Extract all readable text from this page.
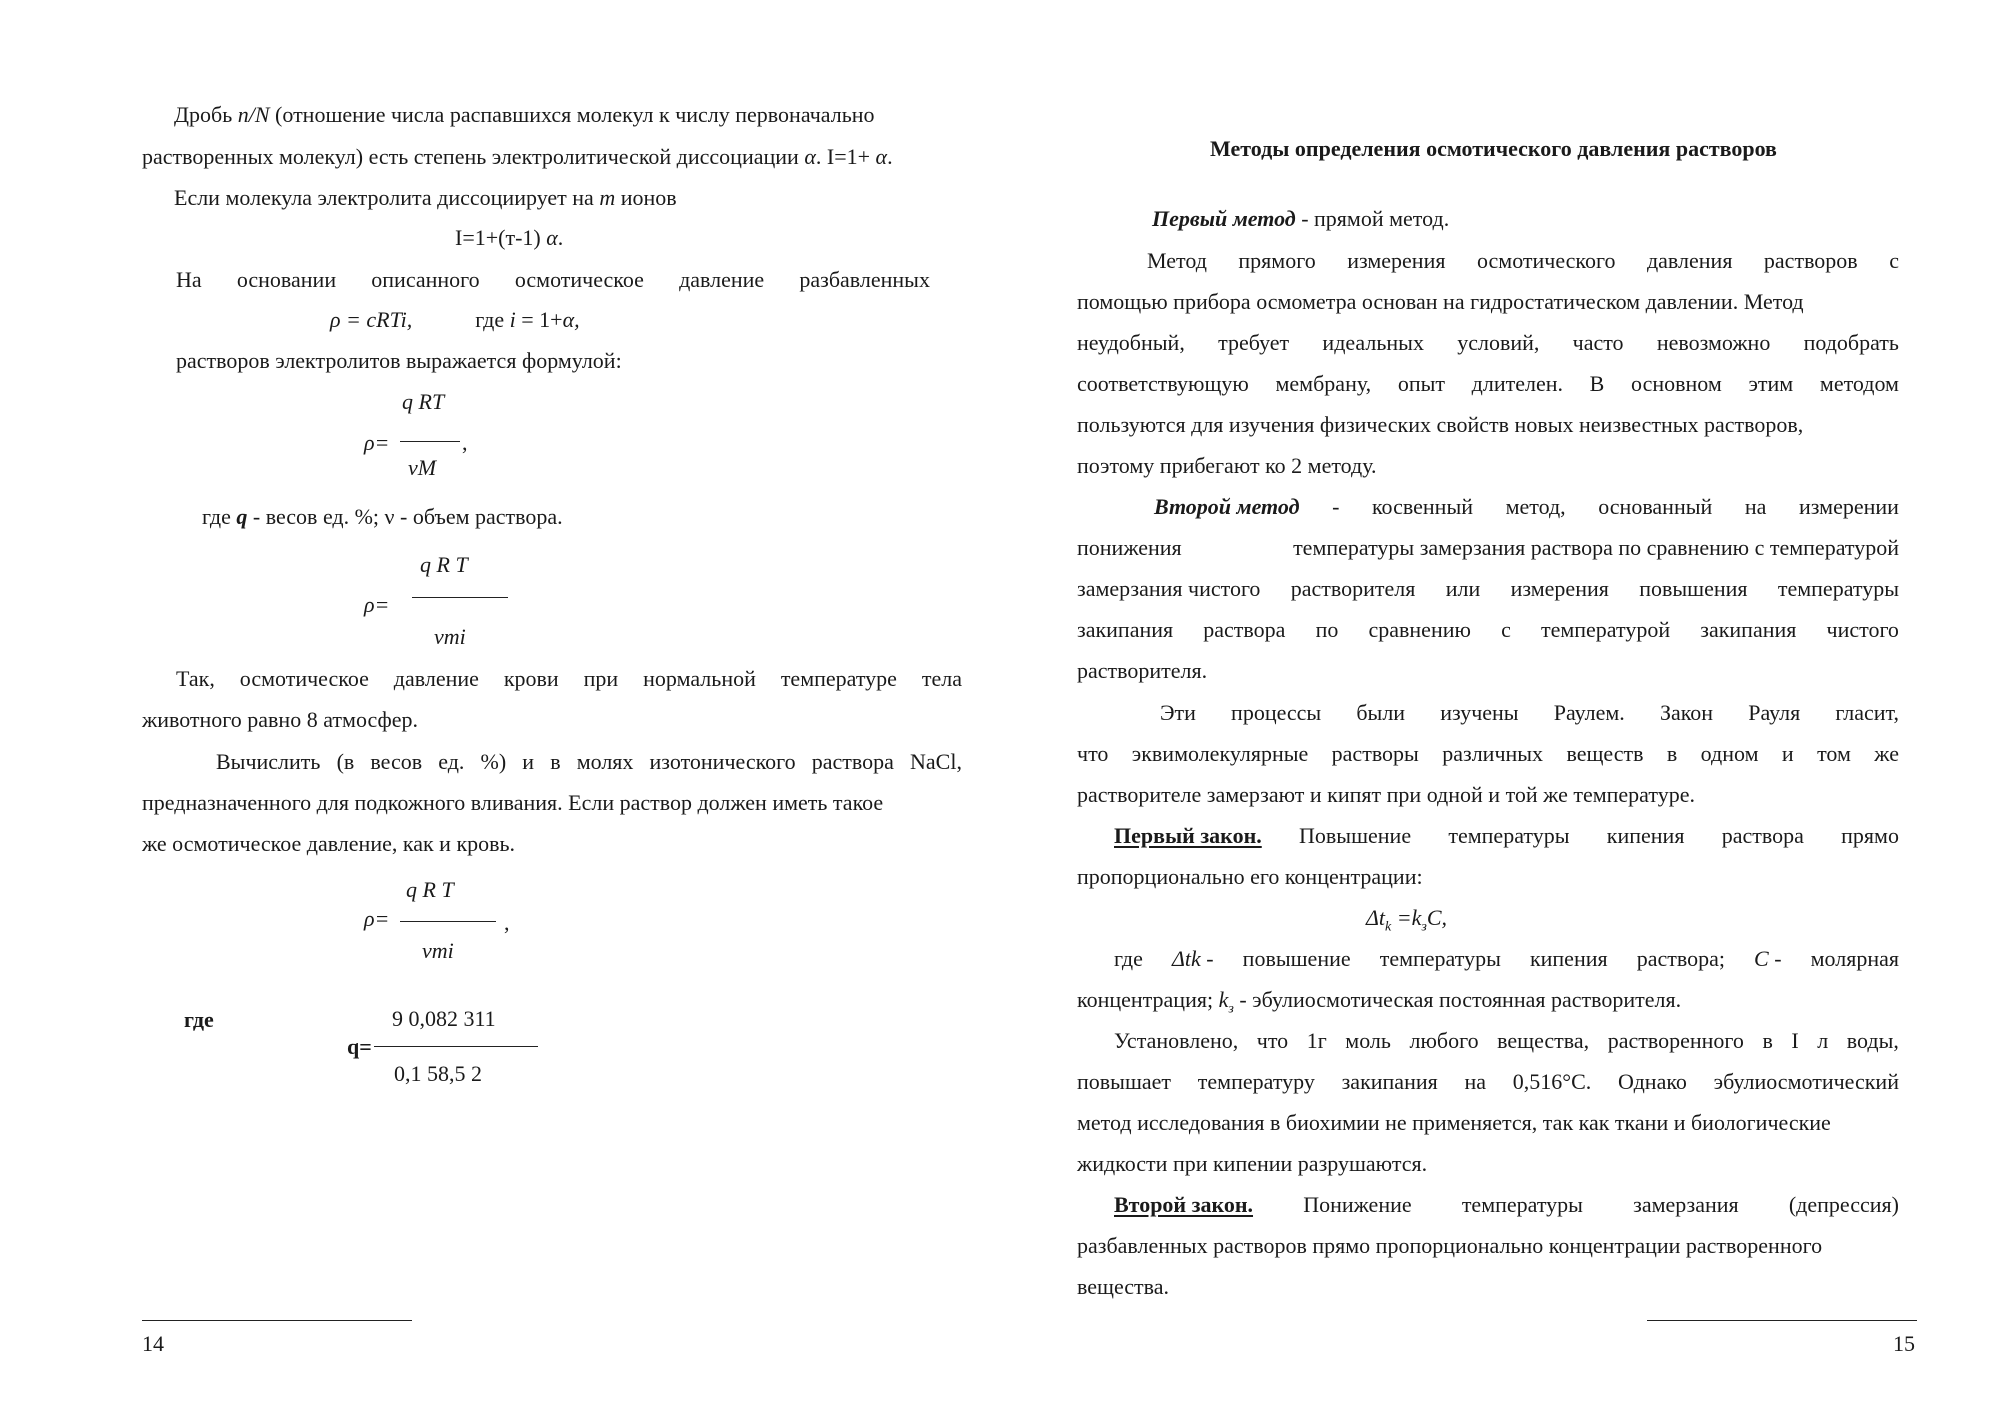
Дробь n/N (отношение числа распавшихся молекул к числу первоначально
растворенных молекул) есть степень электролитической диссоциации α. I=1+ α.
Если молекула электролита диссоциирует на m ионов
I=1+(т-1) α.
На основании описанного осмотическое давление разбавленных
ρ = cRTi,	где i = 1+α,
растворов электролитов выражается формулой:
q RT
ρ=	,
vM
где q - весов ед. %; ν - объем раствора.
q R T
ρ=
vmi
Так, осмотическое давление крови при нормальной температуре тела
животного равно 8 атмосфер.
Вычислить (в весов ед. %) и в молях изотонического раствора NaCl,
предназначенного для подкожного вливания. Если раствор должен иметь такое
же осмотическое давление, как и кровь.
q R T
ρ=	,
vmi
где	9 0,082 311
q=
0,1 58,5 2
14
Методы определения осмотического давления растворов
Первый метод - прямой метод.
Метод прямого измерения осмотического давления растворов с
помощью прибора осмометра основан на гидростатическом давлении. Метод
неудобный, требует идеальных условий, часто невозможно подобрать
соответствующую мембрану, опыт длителен. В основном этим методом
пользуются для изучения физических свойств новых неизвестных растворов,
поэтому прибегают ко 2 методу.
Второй метод - косвенный метод, основанный на измерении
понижения	температуры замерзания раствора по сравнению с температурой
замерзания чистого растворителя или измерения повышения температуры
закипания раствора по сравнению с температурой закипания чистого
растворителя.
Эти процессы были изучены Раулем. Закон Рауля гласит,
что эквимолекулярные растворы различных веществ в одном и том же
растворителе замерзают и кипят при одной и той же температуре.
Первый закон. Повышение температуры кипения раствора прямо
пропорционально его концентрации:
$\Delta t_k =k_зC$,
где Δtk - повышение температуры кипения раствора; C - молярная
концентрация; $k_з$ - эбулиосмотическая постоянная растворителя.
Установлено, что 1г моль любого вещества, растворенного в I л воды,
повышает температуру закипания на 0,516°С. Однако эбулиосмотический
метод исследования в биохимии не применяется, так как ткани и биологические
жидкости при кипении разрушаются.
Второй закон. Понижение температуры замерзания (депрессия)
разбавленных растворов прямо пропорционально концентрации растворенного
вещества.
15
